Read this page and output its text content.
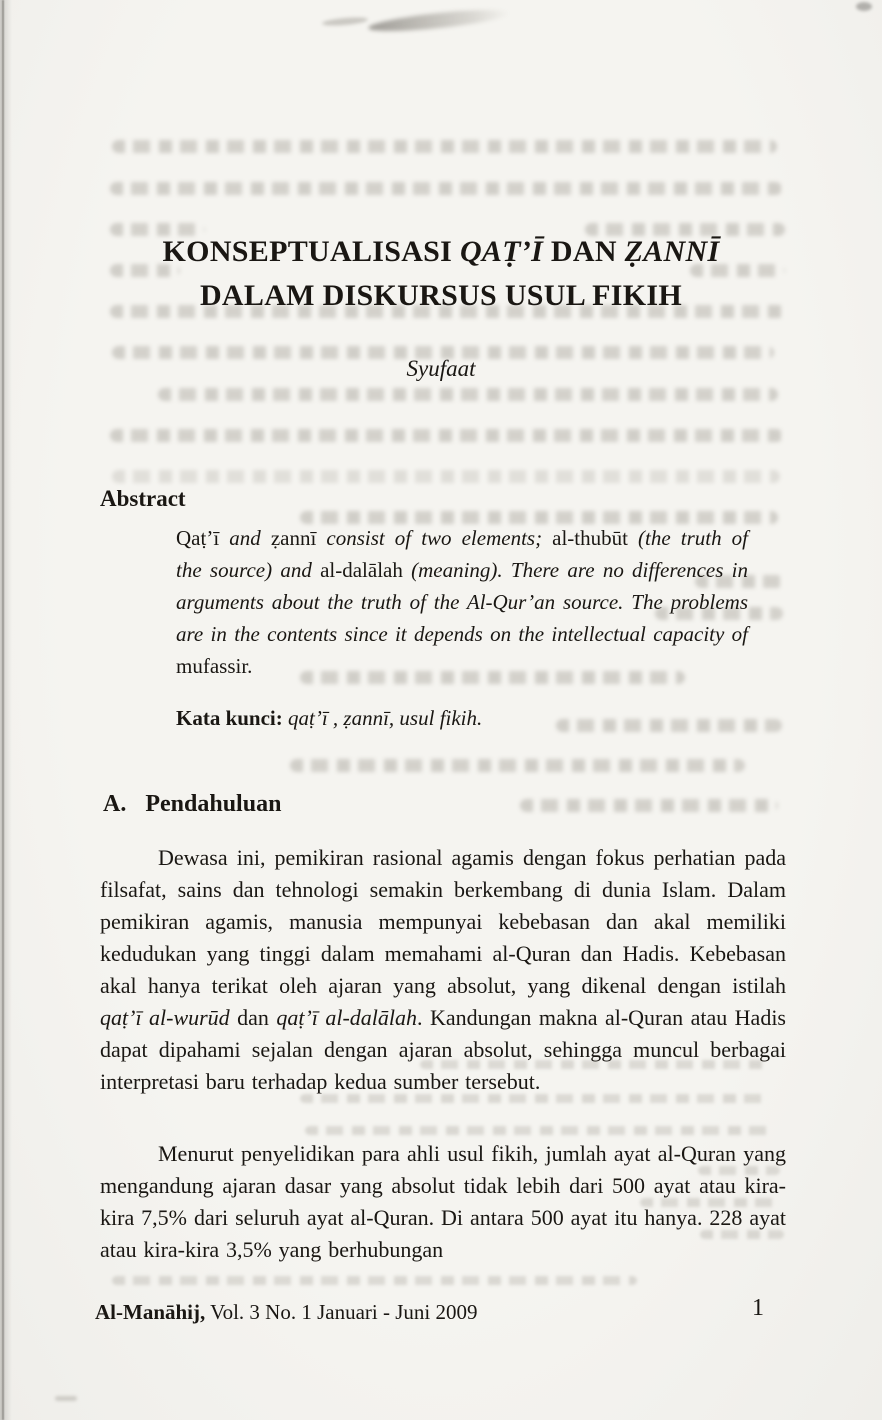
KONSEPTUALISASI QAṬ’Ī DAN ẒANNĪ
DALAM DISKURSUS USUL FIKIH
Syufaat
Abstract
Qaṭ’ī and ẓannī consist of two elements; al-thubūt (the truth of the source) and al-dalālah (meaning). There are no differences in arguments about the truth of the Al-Qur’an source. The problems are in the contents since it depends on the intellectual capacity of mufassir.
Kata kunci: qaṭ’ī , ẓannī, usul fikih.
A. Pendahuluan

Dewasa ini, pemikiran rasional agamis dengan fokus perhatian pada filsafat, sains dan tehnologi semakin berkembang di dunia Islam. Dalam pemikiran agamis, manusia mempunyai kebebasan dan akal memiliki kedudukan yang tinggi dalam memahami al-Quran dan Hadis. Kebebasan akal hanya terikat oleh ajaran yang absolut, yang dikenal dengan istilah qaṭ’ī al-wurūd dan qaṭ’ī al-dalālah. Kandungan makna al-Quran atau Hadis dapat dipahami sejalan dengan ajaran absolut, sehingga muncul berbagai interpretasi baru terhadap kedua sumber tersebut.

Menurut penyelidikan para ahli usul fikih, jumlah ayat al-Quran yang mengandung ajaran dasar yang absolut tidak lebih dari 500 ayat atau kira-kira 7,5% dari seluruh ayat al-Quran. Di antara 500 ayat itu hanya. 228 ayat atau kira-kira 3,5% yang berhubungan

Al-Manāhij, Vol. 3 No. 1 Januari - Juni 2009	1
